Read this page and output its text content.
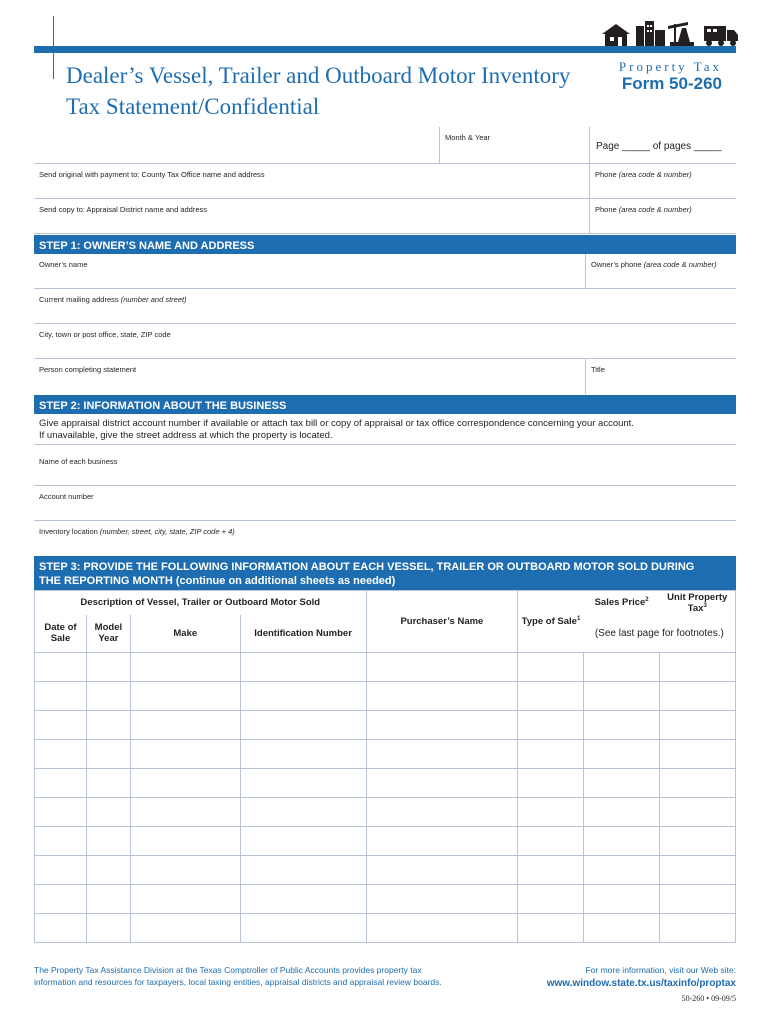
Dealer’s Vessel, Trailer and Outboard Motor Inventory
Tax Statement/Confidential
Property Tax
Form 50-260
Month & Year
Page _____ of pages _____
Send original with payment to: County Tax Office name and address	Phone (area code & number)
Send copy to: Appraisal District name and address	Phone (area code & number)
STEP 1: OWNER’S NAME AND ADDRESS
Owner’s name	Owner’s phone (area code & number)
Current mailing address (number and street)
City, town or post office, state, ZIP code
Person completing statement	Title
STEP 2: INFORMATION ABOUT THE BUSINESS
Give appraisal district account number if available or attach tax bill or copy of appraisal or tax office correspondence concerning your account.
If unavailable, give the street address at which the property is located.
Name of each business
Account number
Inventory location (number, street, city, state, ZIP code + 4)
STEP 3: PROVIDE THE FOLLOWING INFORMATION ABOUT EACH VESSEL, TRAILER OR OUTBOARD MOTOR SOLD DURING
THE REPORTING MONTH (continue on additional sheets as needed)
Description of Vessel, Trailer or Outboard Motor Sold				Purchaser’s Name	Type of Sale$^1$	Sales Price$^2$	Unit Property Tax$^3$
Date of Sale	Model Year	Make	Identification Number			(See last page for footnotes.)	

The Property Tax Assistance Division at the Texas Comptroller of Public Accounts provides property tax
information and resources for taxpayers, local taxing entities, appraisal districts and appraisal review boards.
For more information, visit our Web site:
www.window.state.tx.us/taxinfo/proptax
50-260 • 09-09/5
